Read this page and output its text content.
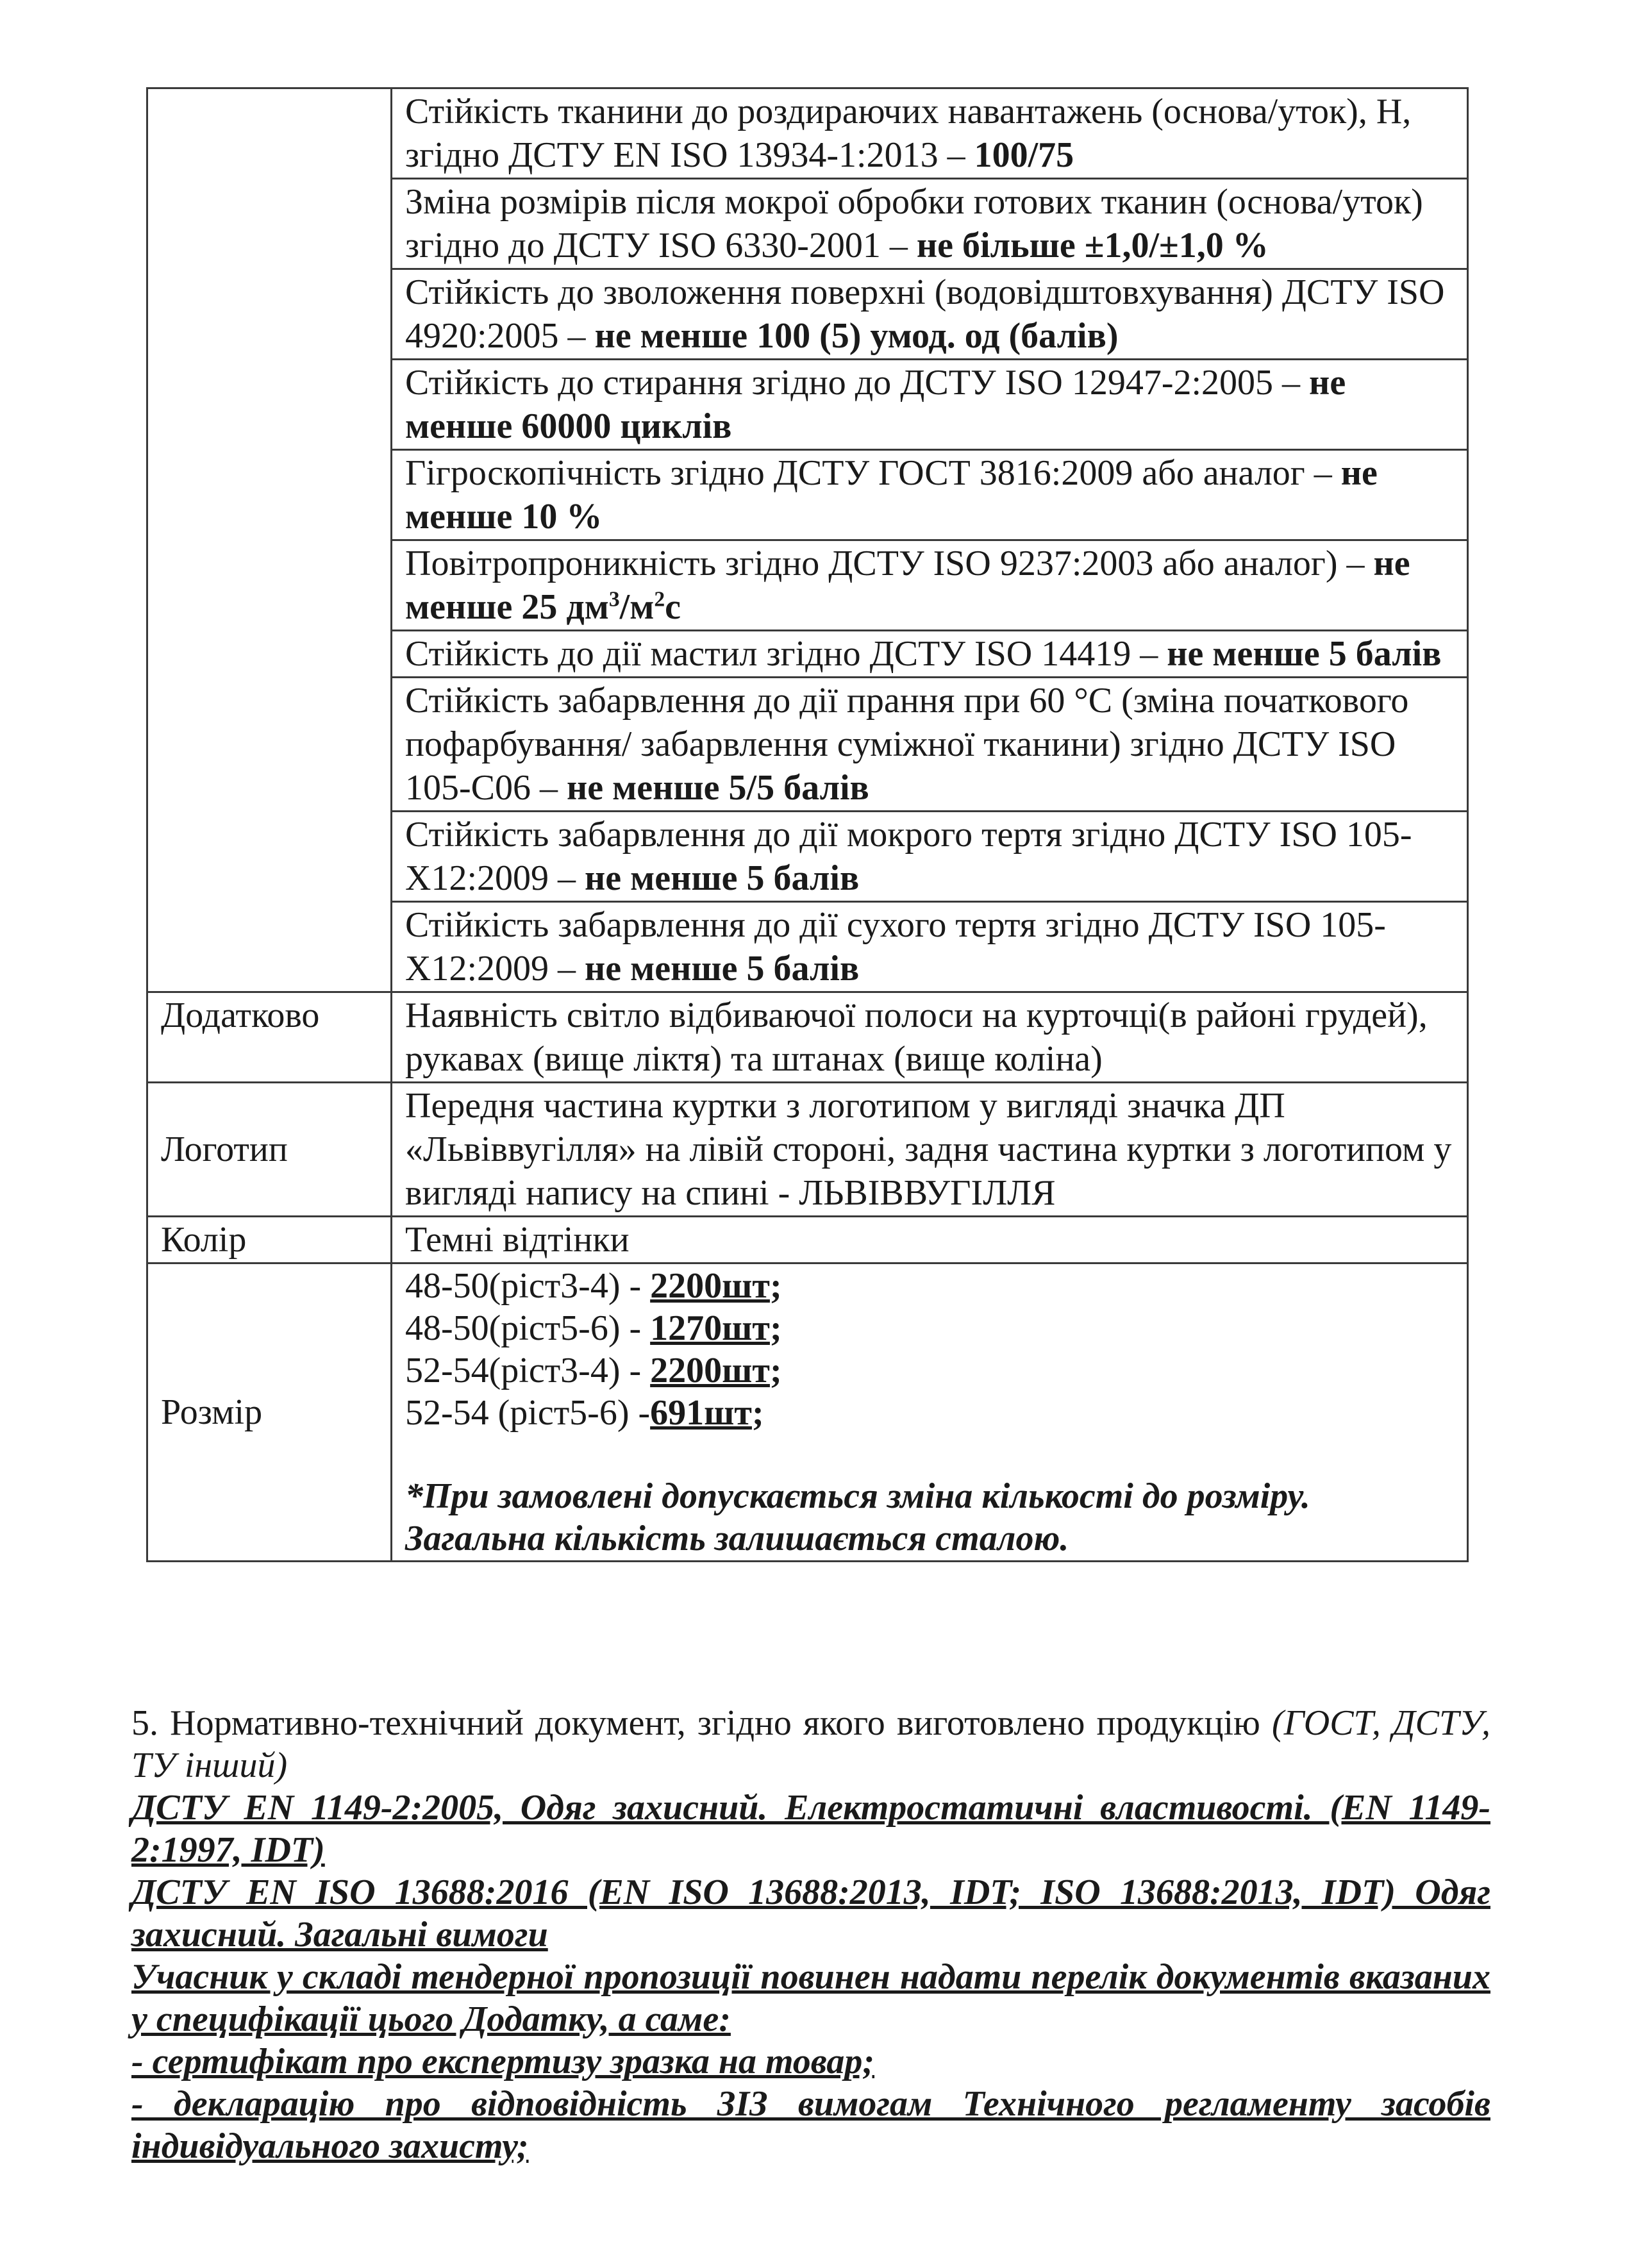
	Стійкість тканини до роздираючих навантажень (основа/уток), Н, згідно ДСТУ EN ISO 13934-1:2013 – 100/75
	Зміна розмірів після мокрої обробки готових тканин (основа/уток) згідно до ДСТУ ISO 6330-2001 – не більше ±1,0/±1,0 %
	Стійкість до зволоження поверхні (водовідштовхування) ДСТУ ISO 4920:2005 – не менше 100 (5) умод. од (балів)
	Стійкість до стирання згідно до ДСТУ ISO 12947-2:2005 – не менше 60000 циклів
	Гігроскопічність згідно ДСТУ ГОСТ 3816:2009 або аналог – не менше 10 %
	Повітропроникність згідно ДСТУ ISO 9237:2003 або аналог) – не менше 25 $дм^3/м^2с$
	Стійкість до дії мастил згідно ДСТУ ISO 14419 – не менше 5 балів
	Стійкість забарвлення до дії прання при 60 °С (зміна початкового пофарбування/ забарвлення суміжної тканини) згідно ДСТУ ISO 105-C06 – не менше 5/5 балів
	Стійкість забарвлення до дії мокрого тертя згідно ДСТУ ISO 105-X12:2009 – не менше 5 балів
	Стійкість забарвлення до дії сухого тертя згідно ДСТУ ISO 105-X12:2009 – не менше 5 балів
Додатково	Наявність світло відбиваючої полоси на курточці(в районі грудей), рукавах (вище ліктя) та штанах (вище коліна)
Логотип	Передня частина куртки з логотипом у вигляді значка ДП «Львіввугілля» на лівій стороні, задня частина куртки з логотипом у вигляді напису на спині - ЛЬВІВВУГІЛЛЯ
Колір	Темні відтінки
Розмір	48-50(ріст3-4) - 2200шт;
48-50(ріст5-6) - 1270шт;
52-54(ріст3-4) - 2200шт;
52-54 (ріст5-6) -691шт;
*При замовлені допускається зміна кількості до розміру. Загальна кількість залишається сталою.

5. Нормативно-технічний документ, згідно якого виготовлено продукцію (ГОСТ, ДСТУ, ТУ інший)

ДСТУ EN 1149-2:2005, Одяг захисний. Електростатичні властивості. (EN 1149-2:1997, IDT)

ДСТУ EN ISO 13688:2016 (EN ISO 13688:2013, IDT; ISO 13688:2013, IDT) Одяг захисний. Загальні вимоги

Учасник у складі тендерної пропозиції повинен надати перелік документів вказаних у специфікації цього Додатку, а саме:

- сертифікат про експертизу зразка на товар;

- декларацію про відповідність ЗІЗ вимогам Технічного регламенту засобів індивідуального захисту;
